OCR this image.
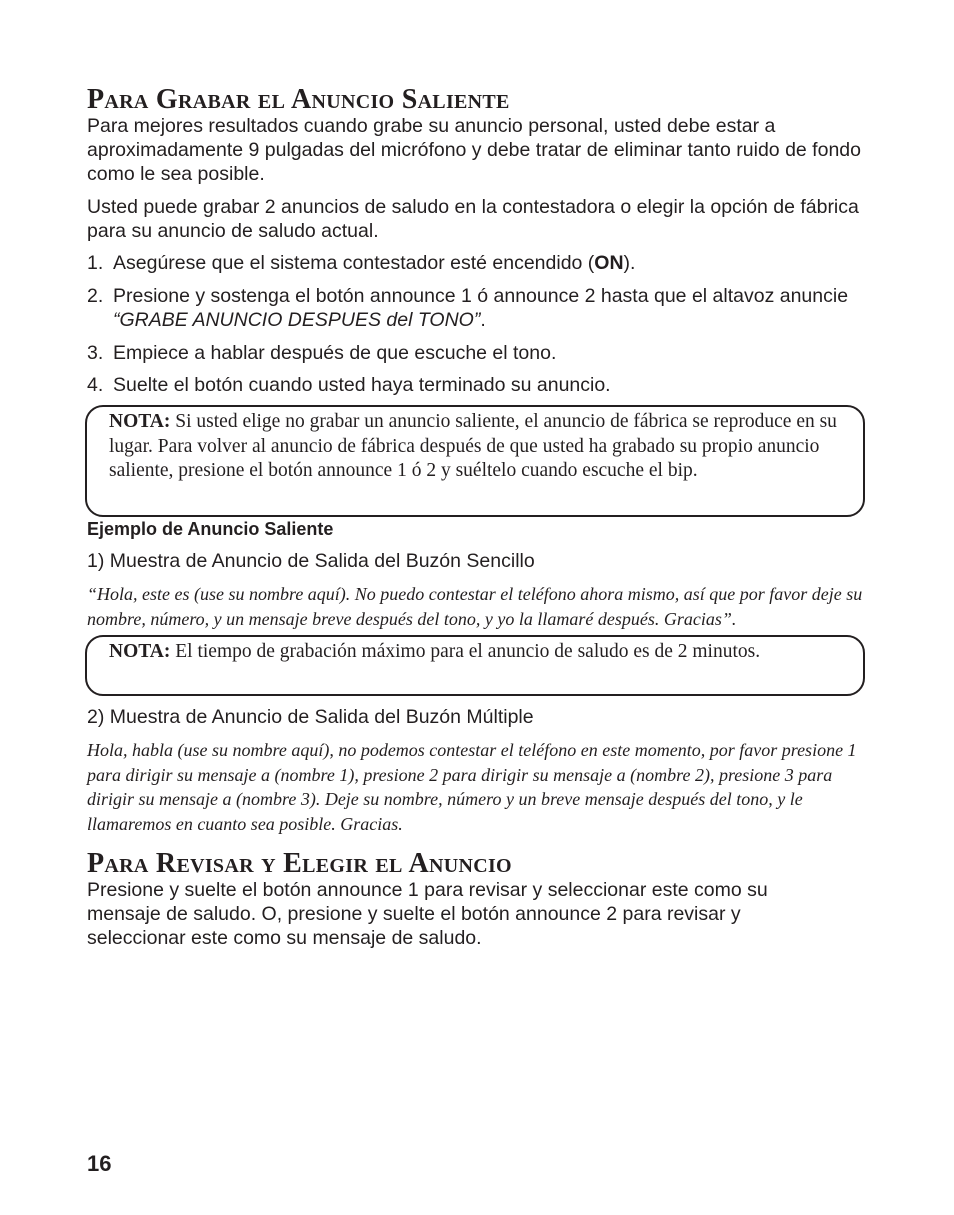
Para Grabar el Anuncio Saliente

Para mejores resultados cuando grabe su anuncio personal, usted debe estar a aproximadamente 9 pulgadas del micrófono y debe tratar de eliminar tanto ruido de fondo como le sea posible.

Usted puede grabar 2 anuncios de saludo en la contestadora o elegir la opción de fábrica para su anuncio de saludo actual.

1. Asegúrese que el sistema contestador esté encendido (ON).
2. Presione y sostenga el botón announce 1 ó announce 2 hasta que el altavoz anuncie “GRABE ANUNCIO DESPUES del TONO”.
3. Empiece a hablar después de que escuche el tono.
4. Suelte el botón cuando usted haya terminado su anuncio.
NOTA: Si usted elige no grabar un anuncio saliente, el anuncio de fábrica se reproduce en su lugar. Para volver al anuncio de fábrica después de que usted ha grabado su propio anuncio saliente, presione el botón announce 1 ó 2 y suéltelo cuando escuche el bip.

Ejemplo de Anuncio Saliente

1) Muestra de Anuncio de Salida del Buzón Sencillo

“Hola, este es (use su nombre aquí). No puedo contestar el teléfono ahora mismo, así que por favor deje su nombre, número, y un mensaje breve después del tono, y yo la llamaré después. Gracias”.

NOTA: El tiempo de grabación máximo para el anuncio de saludo es de 2 minutos.

2) Muestra de Anuncio de Salida del Buzón Múltiple

Hola, habla (use su nombre aquí), no podemos contestar el teléfono en este momento, por favor presione 1 para dirigir su mensaje a (nombre 1), presione 2 para dirigir su mensaje a (nombre 2), presione 3 para dirigir su mensaje a (nombre 3). Deje su nombre, número y un breve mensaje después del tono, y le llamaremos en cuanto sea posible. Gracias.

Para Revisar y Elegir el Anuncio

Presione y suelte el botón announce 1 para revisar y seleccionar este como su mensaje de saludo. O, presione y suelte el botón announce 2 para revisar y seleccionar este como su mensaje de saludo.

16
